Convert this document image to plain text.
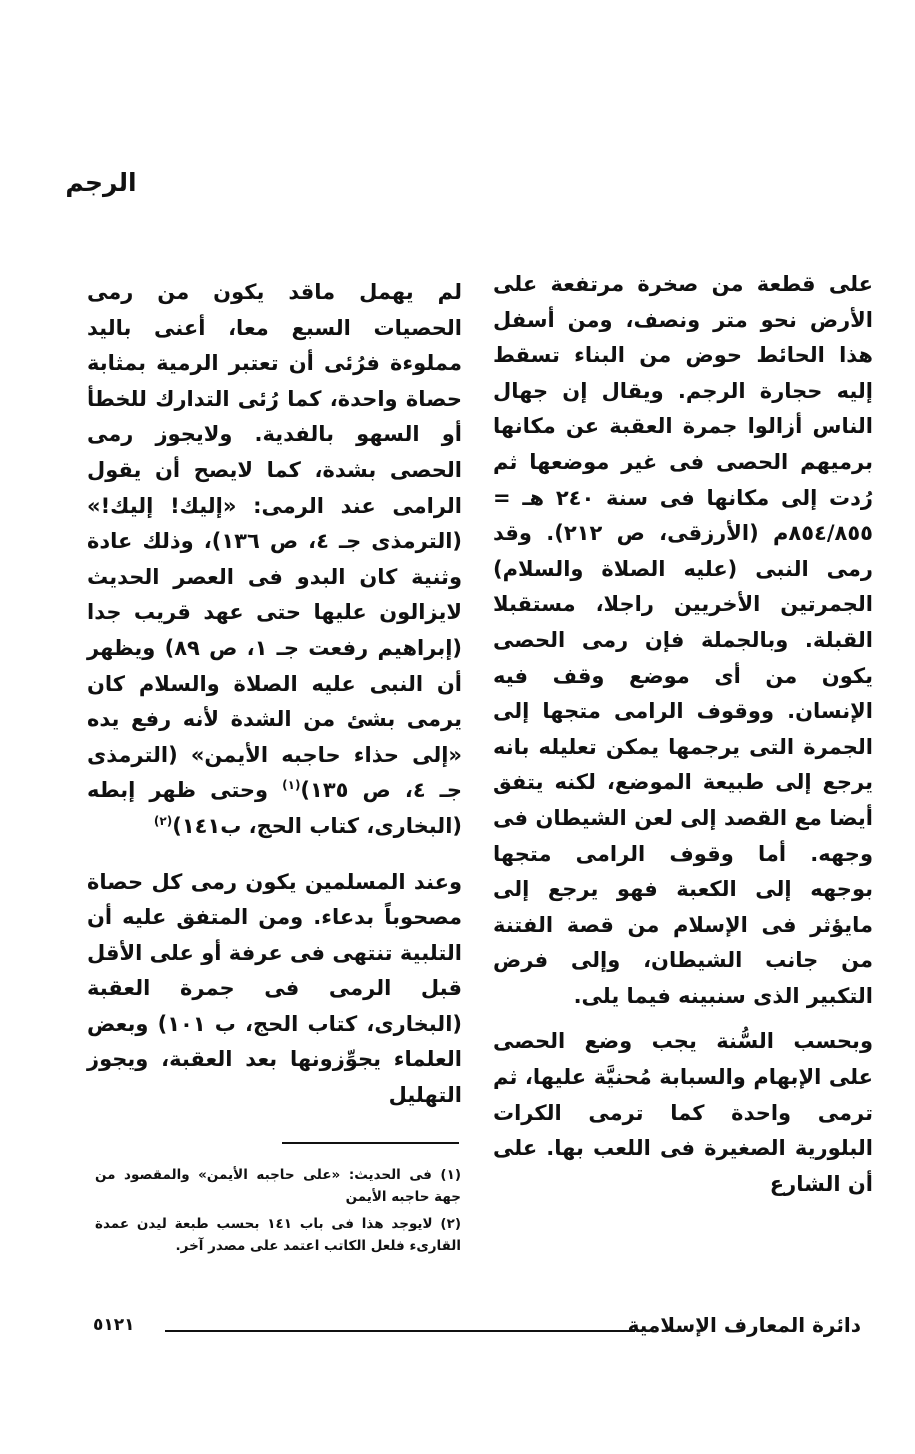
الرجم

على قطعة من صخرة مرتفعة على الأرض نحو متر ونصف، ومن أسفل هذا الحائط حوض من البناء تسقط إليه حجارة الرجم. ويقال إن جهال الناس أزالوا جمرة العقبة عن مكانها برميهم الحصى فى غير موضعها ثم رُدت إلى مكانها فى سنة ٢٤٠ هـ = ٨٥٤/٨٥٥م (الأرزقى، ص ٢١٢). وقد رمى النبى (عليه الصلاة والسلام) الجمرتين الأخريين راجلا، مستقبلا القبلة. وبالجملة فإن رمى الحصى يكون من أى موضع وقف فيه الإنسان. ووقوف الرامى متجها إلى الجمرة التى يرجمها يمكن تعليله بانه يرجع إلى طبيعة الموضع، لكنه يتفق أيضا مع القصد إلى لعن الشيطان فى وجهه. أما وقوف الرامى متجها بوجهه إلى الكعبة فهو يرجع إلى مايؤثر فى الإسلام من قصة الفتنة من جانب الشيطان، وإلى فرض التكبير الذى سنبينه فيما يلى.

وبحسب السُّنة يجب وضع الحصى على الإبهام والسبابة مُحنيَّة عليها، ثم ترمى واحدة كما ترمى الكرات البلورية الصغيرة فى اللعب بها. على أن الشارع

لم يهمل ماقد يكون من رمى الحصيات السبع معا، أعنى باليد مملوءة فرُئى أن تعتبر الرمية بمثابة حصاة واحدة، كما رُئى التدارك للخطأ أو السهو بالفدية. ولايجوز رمى الحصى بشدة، كما لايصح أن يقول الرامى عند الرمى: «إليك! إليك!» (الترمذى جـ ٤، ص ١٣٦)، وذلك عادة وثنية كان البدو فى العصر الحديث لايزالون عليها حتى عهد قريب جدا (إبراهيم رفعت جـ ١، ص ٨٩) ويظهر أن النبى عليه الصلاة والسلام كان يرمى بشئ من الشدة لأنه رفع يده «إلى حذاء حاجبه الأيمن» (الترمذى جـ ٤، ص ١٣٥)$^{(١)}$ وحتى ظهر إبطه (البخارى، كتاب الحج، ب١٤١)$^{(٢)}$

وعند المسلمين يكون رمى كل حصاة مصحوباً بدعاء. ومن المتفق عليه أن التلبية تنتهى فى عرفة أو على الأقل قبل الرمى فى جمرة العقبة (البخارى، كتاب الحج، ب ١٠١) وبعض العلماء يجوِّزونها بعد العقبة، ويجوز التهليل

(١) فى الحديث: «على حاجبه الأيمن» والمقصود من جهة حاجبه الأيمن

(٢) لايوجد هذا فى باب ١٤١ بحسب طبعة ليدن عمدة القارىء فلعل الكاتب اعتمد على مصدر آخر.

دائرة المعارف الإسلامية
٥١٢١
